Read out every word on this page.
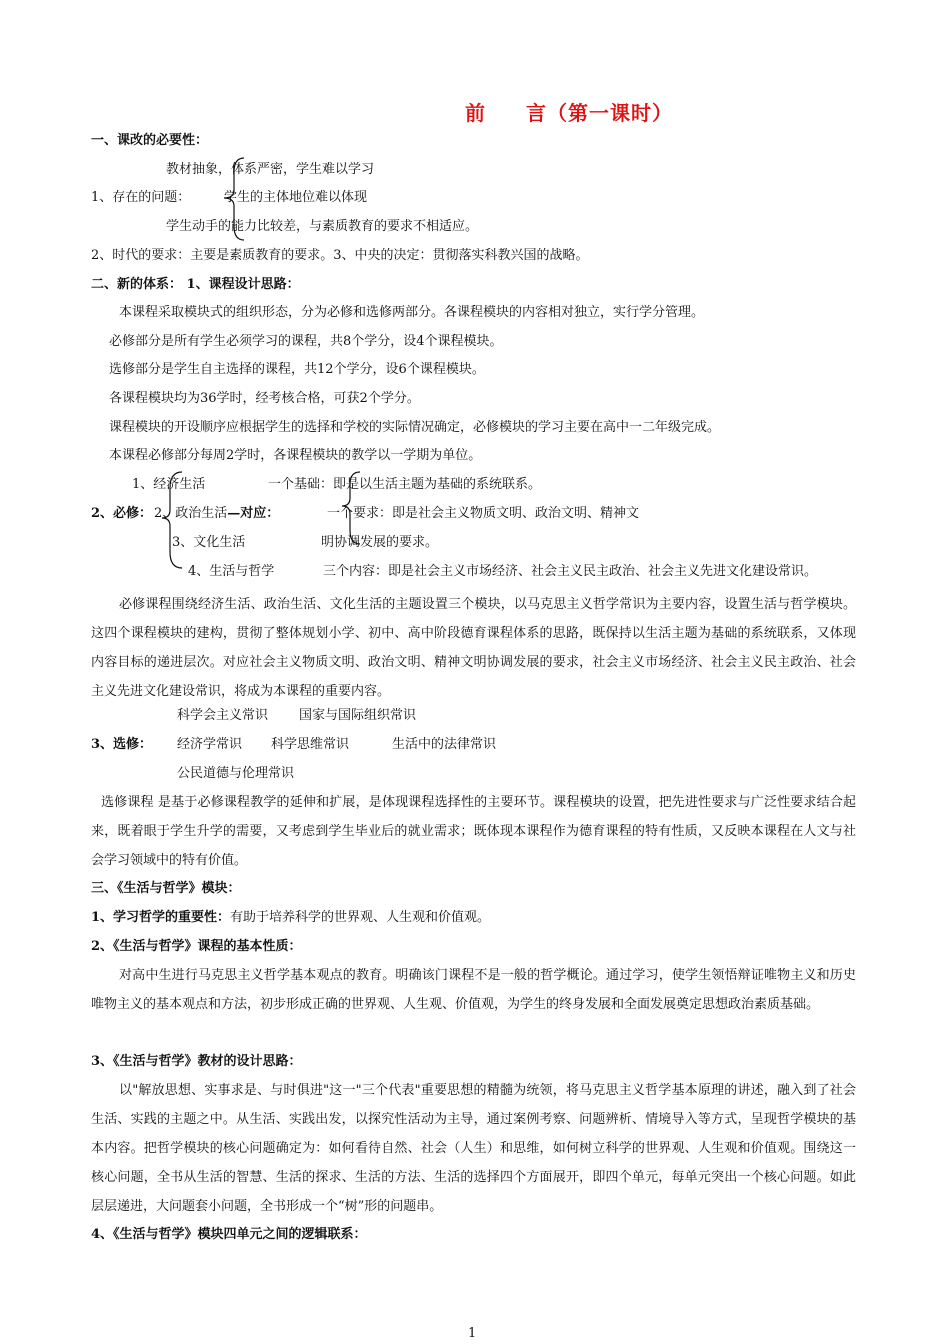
前 言（第一课时）
一、课改的必要性：
教材抽象，体系严密，学生难以学习
1、存在的问题：	学生的主体地位难以体现
学生动手的能力比较差，与素质教育的要求不相适应。
2、时代的要求：主要是素质教育的要求。3、中央的决定：贯彻落实科教兴国的战略。
二、新的体系： 1、课程设计思路：
本课程采取模块式的组织形态，分为必修和选修两部分。各课程模块的内容相对独立，实行学分管理。
必修部分是所有学生必须学习的课程，共8个学分，设4个课程模块。
选修部分是学生自主选择的课程，共12个学分，设6个课程模块。
各课程模块均为36学时，经考核合格，可获2个学分。
课程模块的开设顺序应根据学生的选择和学校的实际情况确定，必修模块的学习主要在高中一二年级完成。
本课程必修部分每周2学时，各课程模块的教学以一学期为单位。
1、经济生活
2、必修： 2、政治生活—对应：
3、文化生活
4、生活与哲学
一个基础：即是以生活主题为基础的系统联系。
一个要求：即是社会主义物质文明、政治文明、精神文
明协调发展的要求。
三个内容：即是社会主义市场经济、社会主义民主政治、社会主义先进文化建设常识。
必修课程围绕经济生活、政治生活、文化生活的主题设置三个模块，以马克思主义哲学常识为主要内容，设置生活与哲学模块。这四个课程模块的建构，贯彻了整体规划小学、初中、高中阶段德育课程体系的思路，既保持以生活主题为基础的系统联系，又体现内容目标的递进层次。对应社会主义物质文明、政治文明、精神文明协调发展的要求，社会主义市场经济、社会主义民主政治、社会主义先进文化建设常识，将成为本课程的重要内容。
科学会主义常识 国家与国际组织常识
3、选修： 经济学常识 科学思维常识	生活中的法律常识
公民道德与伦理常识
选修课程 是基于必修课程教学的延伸和扩展，是体现课程选择性的主要环节。课程模块的设置，把先进性要求与广泛性要求结合起来，既着眼于学生升学的需要，又考虑到学生毕业后的就业需求；既体现本课程作为德育课程的特有性质，又反映本课程在人文与社会学习领域中的特有价值。
三、《生活与哲学》模块：
1、学习哲学的重要性：有助于培养科学的世界观、人生观和价值观。
2、《生活与哲学》课程的基本性质：
对高中生进行马克思主义哲学基本观点的教育。明确该门课程不是一般的哲学概论。通过学习，使学生领悟辩证唯物主义和历史唯物主义的基本观点和方法，初步形成正确的世界观、人生观、价值观，为学生的终身发展和全面发展奠定思想政治素质基础。
3、《生活与哲学》教材的设计思路：
以"解放思想、实事求是、与时俱进"这一"三个代表"重要思想的精髓为统领，将马克思主义哲学基本原理的讲述，融入到了社会生活、实践的主题之中。从生活、实践出发，以探究性活动为主导，通过案例考察、问题辨析、情境导入等方式，呈现哲学模块的基本内容。把哲学模块的核心问题确定为：如何看待自然、社会（人生）和思维，如何树立科学的世界观、人生观和价值观。围绕这一核心问题，全书从生活的智慧、生活的探求、生活的方法、生活的选择四个方面展开，即四个单元，每单元突出一个核心问题。如此层层递进，大问题套小问题，全书形成一个“树”形的问题串。
4、《生活与哲学》模块四单元之间的逻辑联系：
1
